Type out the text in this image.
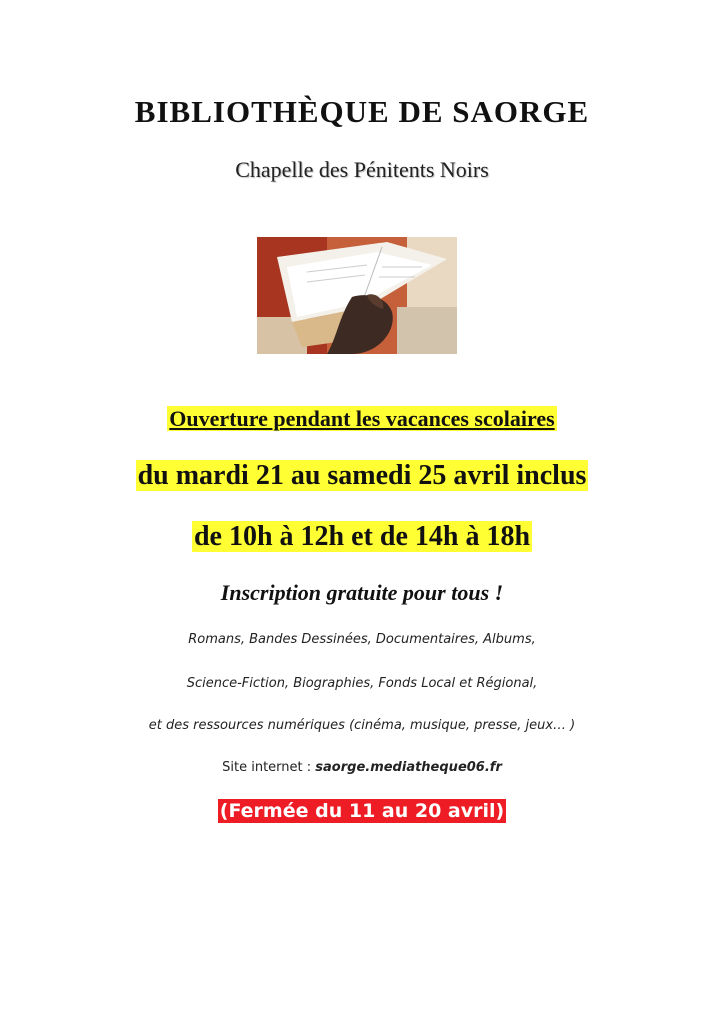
BIBLIOTHÈQUE DE SAORGE
Chapelle des Pénitents Noirs
Ouverture pendant les vacances scolaires
du mardi 21 au samedi 25 avril inclus
de 10h à 12h et de 14h à 18h
Inscription gratuite pour tous !
Romans, Bandes Dessinées, Documentaires, Albums,
Science-Fiction, Biographies, Fonds Local et Régional,
et des ressources numériques (cinéma, musique, presse, jeux… )
Site internet : saorge.mediatheque06.fr
(Fermée du 11 au 20 avril)
